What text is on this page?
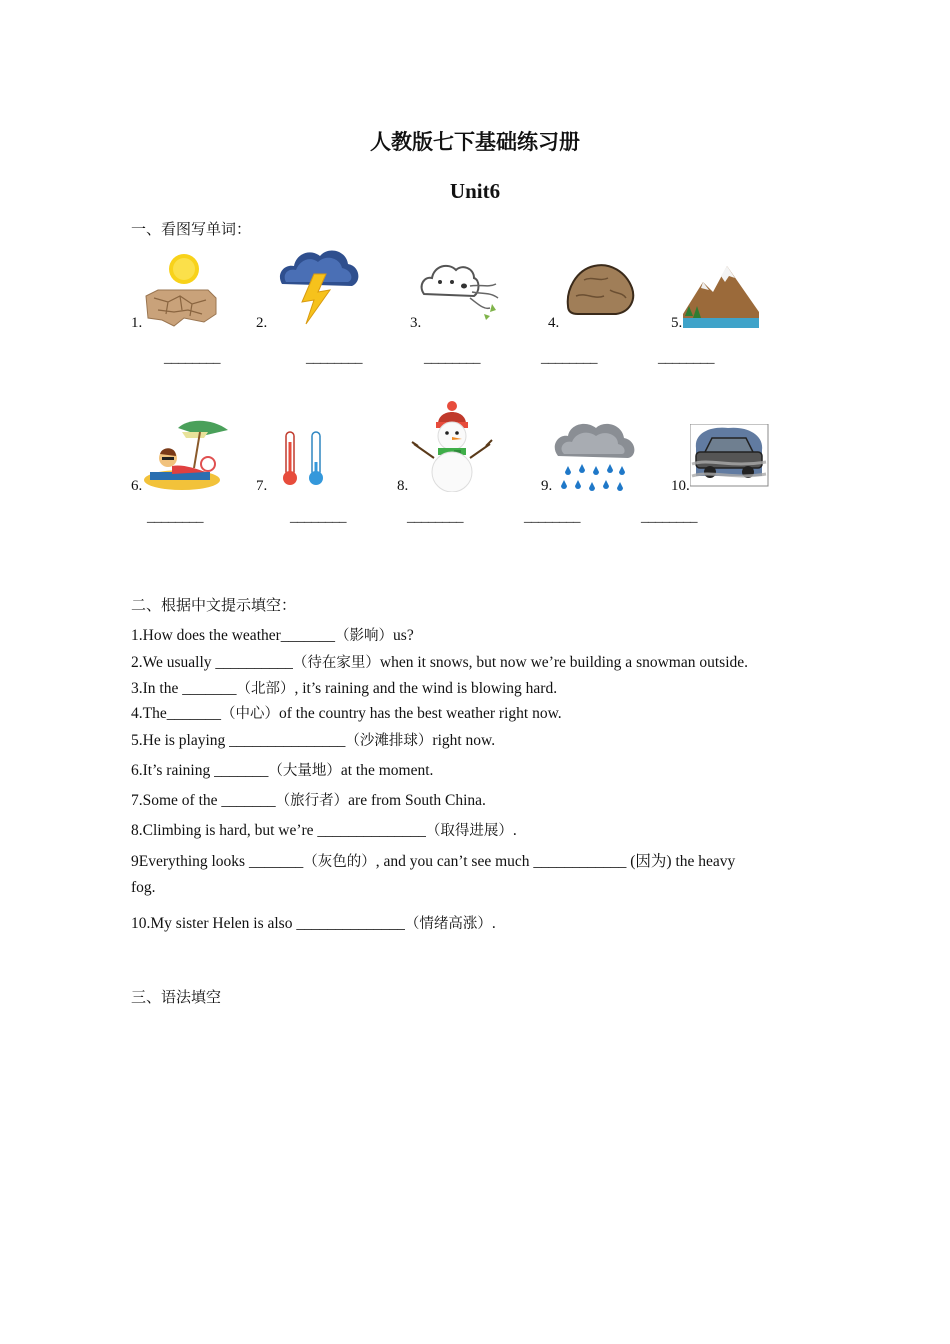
人教版七下基础练习册
Unit6
一、看图写单词：
1.	2.	3.	4.	5.
________	________	________	________	________
6.	7.	8.	9.	10.
________	________	________	________	________
二、根据中文提示填空：
1.How does the weather_______（影响）us?
2.We usually __________（待在家里）when it snows, but now we’re building a snowman outside.
3.In the _______（北部）, it’s raining and the wind is blowing hard.
4.The_______（中心）of the country has the best weather right now.
5.He is playing _______________（沙滩排球）right now.
6.It’s raining _______（大量地）at the moment.
7.Some of the _______（旅行者）are from South China.
8.Climbing is hard, but we’re ______________（取得进展）.
9Everything looks _______（灰色的）, and you can’t see much ____________ (因为) the heavy
fog.
10.My sister Helen is also ______________（情绪高涨）.
三、语法填空
